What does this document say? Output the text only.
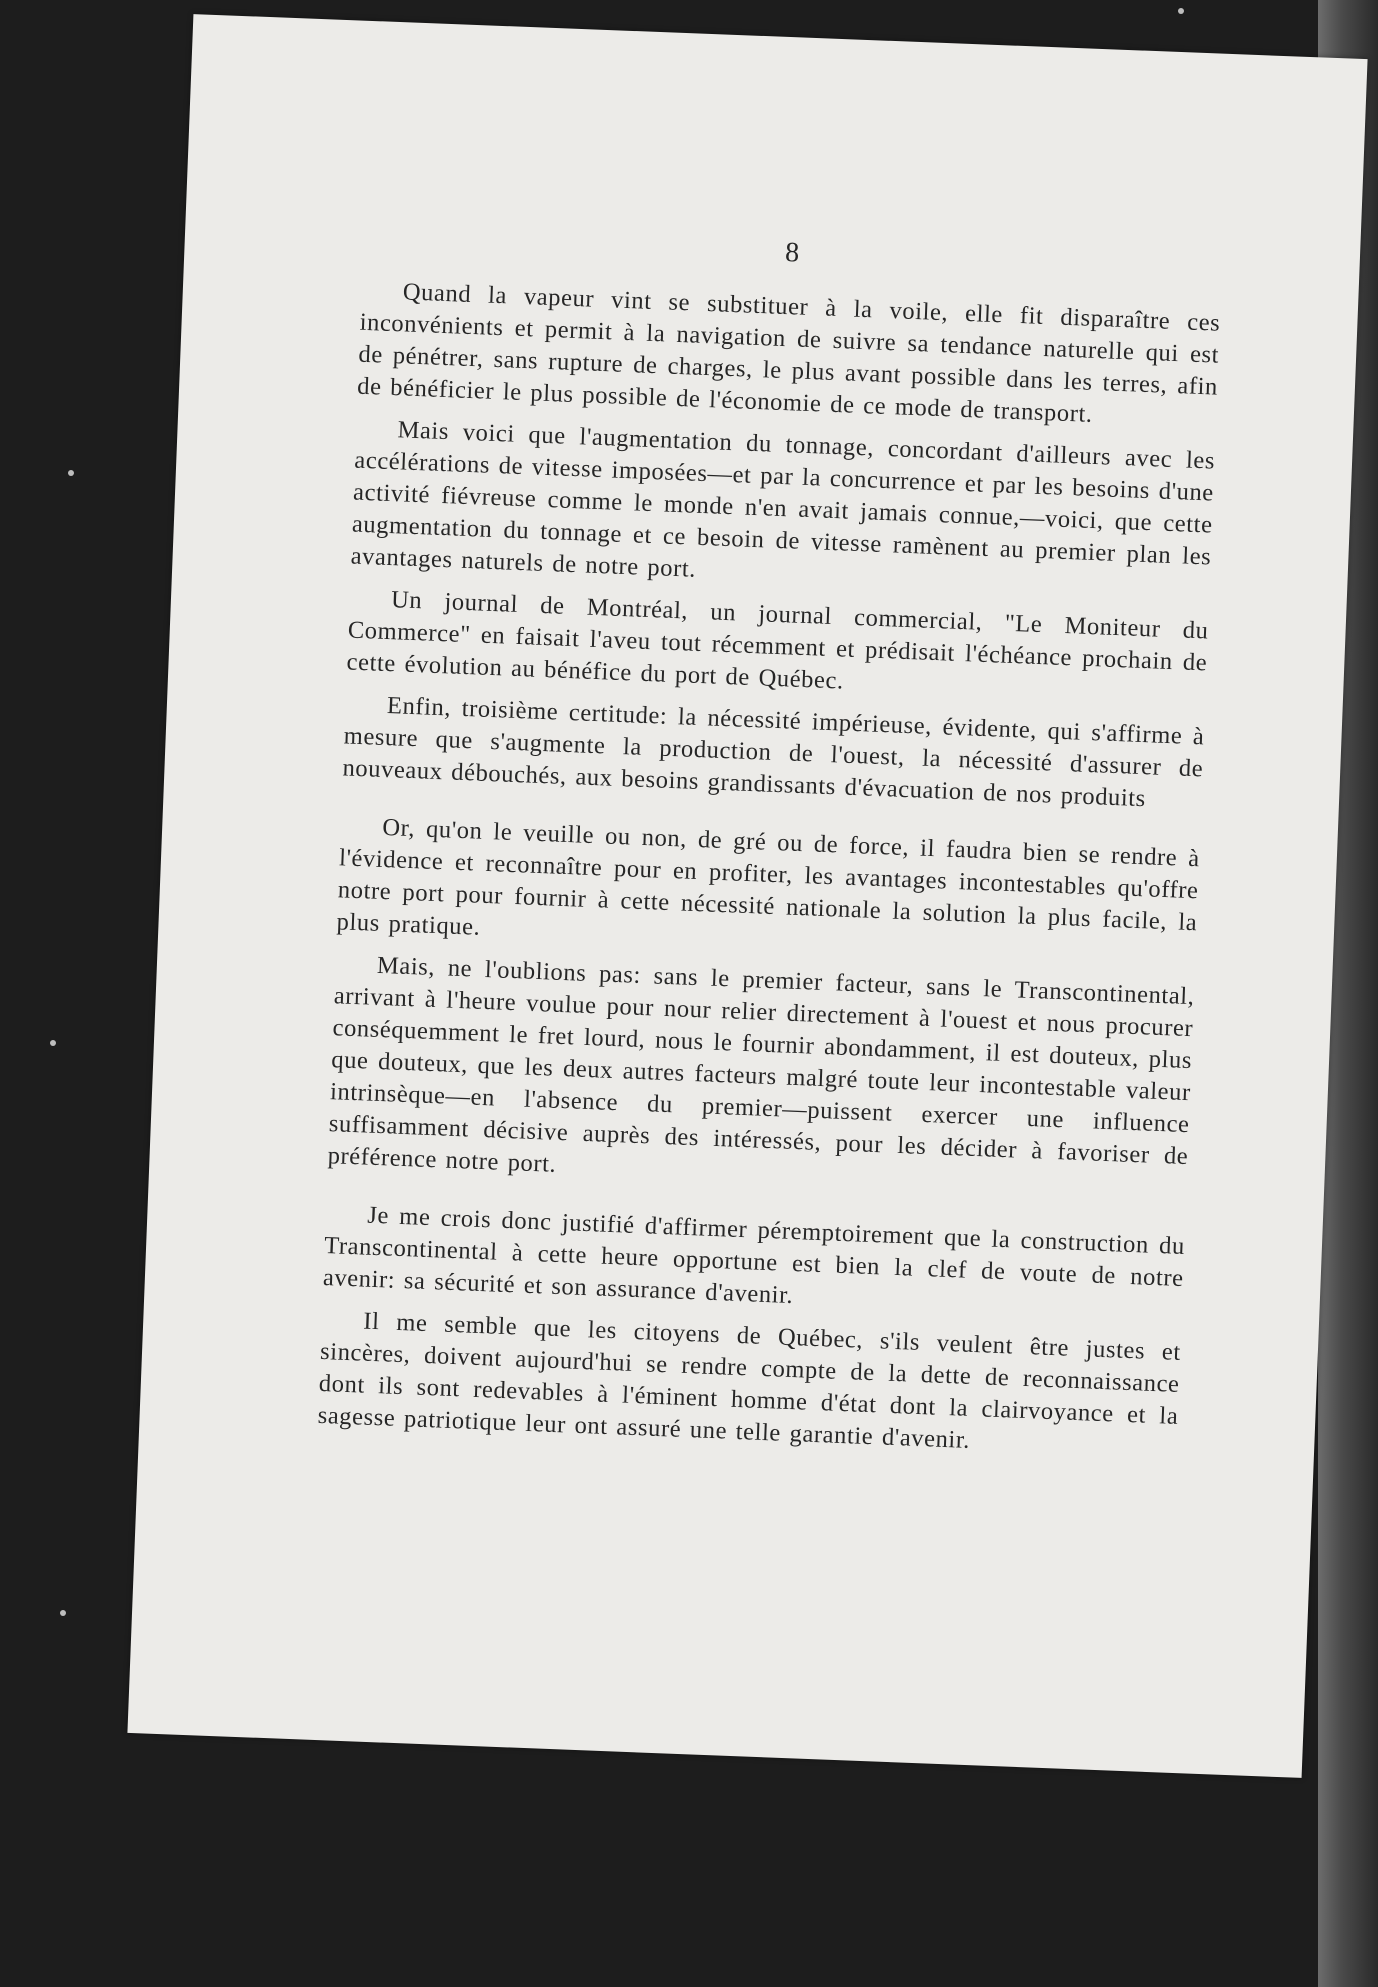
8

Quand la vapeur vint se substituer à la voile, elle fit disparaître ces inconvénients et permit à la navigation de suivre sa tendance naturelle qui est de pénétrer, sans rupture de charges, le plus avant possible dans les terres, afin de bénéficier le plus possible de l'économie de ce mode de transport.

Mais voici que l'augmentation du tonnage, concordant d'ailleurs avec les accélérations de vitesse imposées—et par la concurrence et par les besoins d'une activité fiévreuse comme le monde n'en avait jamais connue,—voici, que cette augmentation du tonnage et ce besoin de vitesse ramènent au premier plan les avantages naturels de notre port.

Un journal de Montréal, un journal commercial, "Le Moniteur du Commerce" en faisait l'aveu tout récemment et prédisait l'échéance prochain de cette évolution au bénéfice du port de Québec.

Enfin, troisième certitude: la nécessité impérieuse, évidente, qui s'affirme à mesure que s'augmente la production de l'ouest, la nécessité d'assurer de nouveaux débouchés, aux besoins grandissants d'évacuation de nos produits

Or, qu'on le veuille ou non, de gré ou de force, il faudra bien se rendre à l'évidence et reconnaître pour en profiter, les avantages incontestables qu'offre notre port pour fournir à cette nécessité nationale la solution la plus facile, la plus pratique.

Mais, ne l'oublions pas: sans le premier facteur, sans le Transcontinental, arrivant à l'heure voulue pour nour relier directement à l'ouest et nous procurer conséquemment le fret lourd, nous le fournir abondamment, il est douteux, plus que douteux, que les deux autres facteurs malgré toute leur incontestable valeur intrinsèque—en l'absence du premier—puissent exercer une influence suffisamment décisive auprès des intéressés, pour les décider à favoriser de préférence notre port.

Je me crois donc justifié d'affirmer péremptoirement que la construction du Transcontinental à cette heure opportune est bien la clef de voute de notre avenir: sa sécurité et son assurance d'avenir.

Il me semble que les citoyens de Québec, s'ils veulent être justes et sincères, doivent aujourd'hui se rendre compte de la dette de reconnaissance dont ils sont redevables à l'éminent homme d'état dont la clairvoyance et la sagesse patriotique leur ont assuré une telle garantie d'avenir.
